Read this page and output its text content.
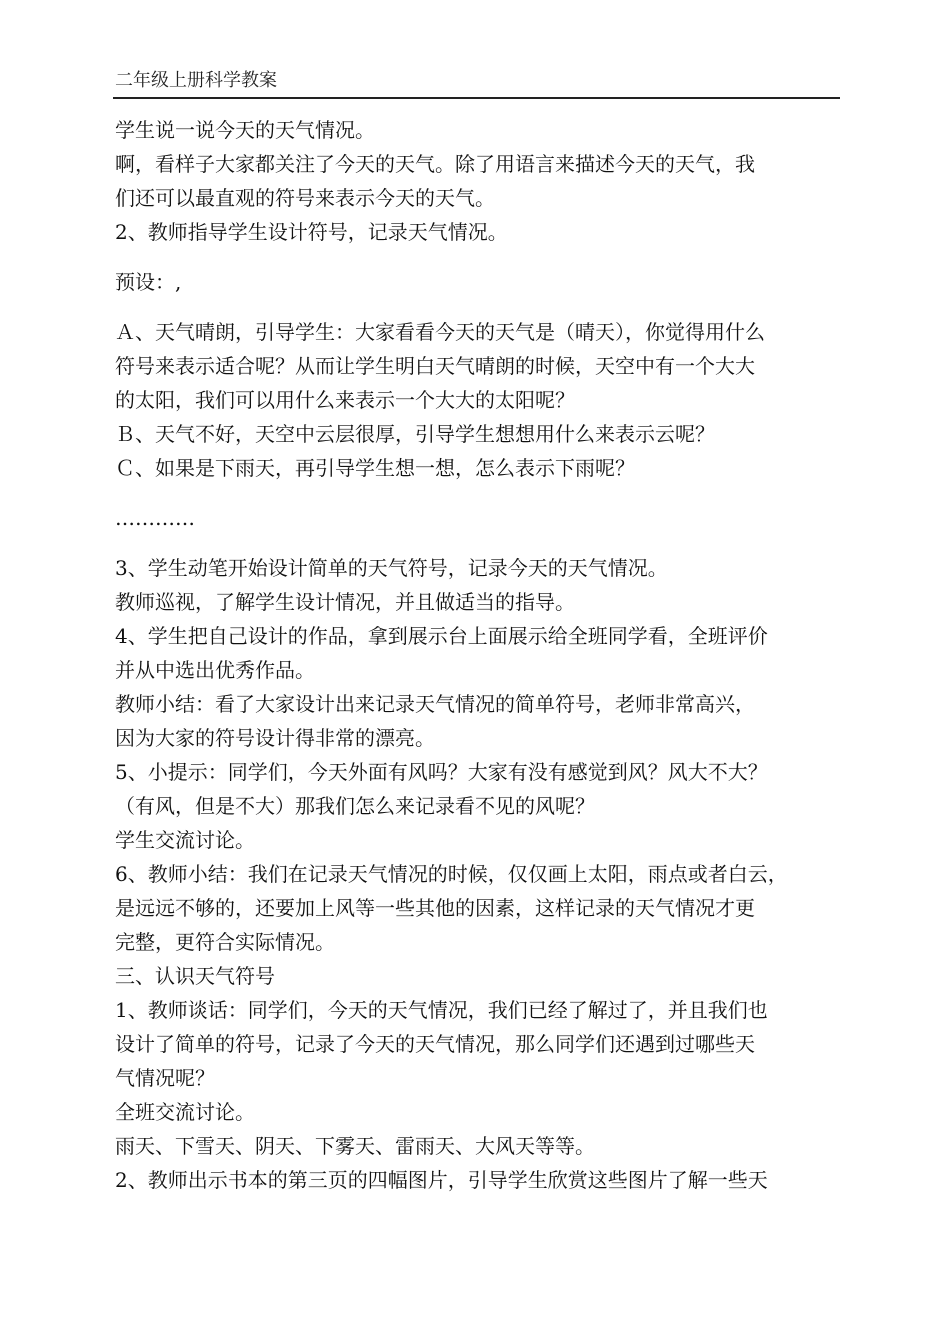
二年级上册科学教案
学生说一说今天的天气情况。
啊，看样子大家都关注了今天的天气。除了用语言来描述今天的天气，我
们还可以最直观的符号来表示今天的天气。
2、教师指导学生设计符号，记录天气情况。
预设：,
Ａ、天气晴朗，引导学生：大家看看今天的天气是（晴天），你觉得用什么
符号来表示适合呢？从而让学生明白天气晴朗的时候，天空中有一个大大
的太阳，我们可以用什么来表示一个大大的太阳呢？
Ｂ、天气不好，天空中云层很厚，引导学生想想用什么来表示云呢？
Ｃ、如果是下雨天，再引导学生想一想，怎么表示下雨呢？
…………
3、学生动笔开始设计简单的天气符号，记录今天的天气情况。
教师巡视，了解学生设计情况，并且做适当的指导。
4、学生把自己设计的作品，拿到展示台上面展示给全班同学看，全班评价
并从中选出优秀作品。
教师小结：看了大家设计出来记录天气情况的简单符号，老师非常高兴，
因为大家的符号设计得非常的漂亮。
5、小提示：同学们，今天外面有风吗？大家有没有感觉到风？风大不大？
（有风，但是不大）那我们怎么来记录看不见的风呢？
学生交流讨论。
6、教师小结：我们在记录天气情况的时候，仅仅画上太阳，雨点或者白云，
是远远不够的，还要加上风等一些其他的因素，这样记录的天气情况才更
完整，更符合实际情况。
三、认识天气符号
1、教师谈话：同学们，今天的天气情况，我们已经了解过了，并且我们也
设计了简单的符号，记录了今天的天气情况，那么同学们还遇到过哪些天
气情况呢？
全班交流讨论。
雨天、下雪天、阴天、下雾天、雷雨天、大风天等等。
2、教师出示书本的第三页的四幅图片，引导学生欣赏这些图片了解一些天
